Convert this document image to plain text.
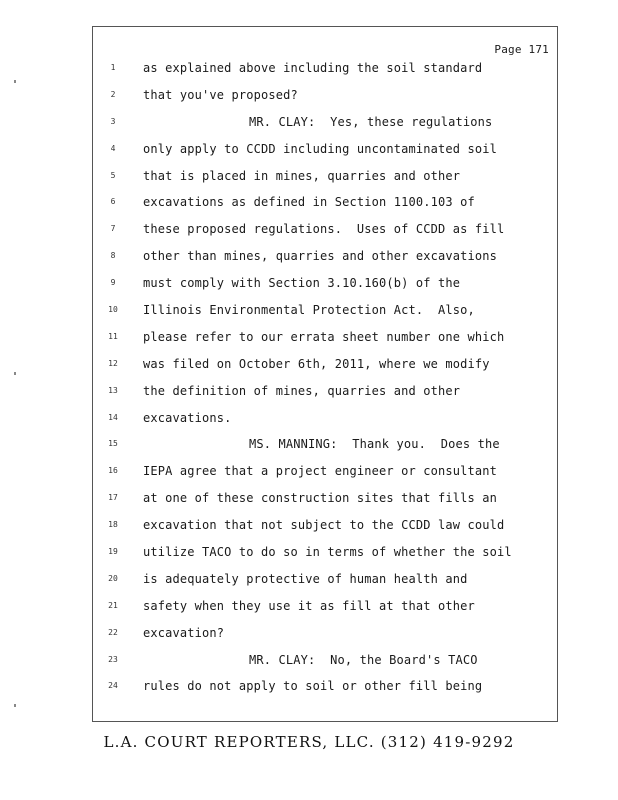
Page 171
1	as explained above including the soil standard
2	that you've proposed?
3	MR. CLAY:  Yes, these regulations
4	only apply to CCDD including uncontaminated soil
5	that is placed in mines, quarries and other
6	excavations as defined in Section 1100.103 of
7	these proposed regulations.  Uses of CCDD as fill
8	other than mines, quarries and other excavations
9	must comply with Section 3.10.160(b) of the
10	Illinois Environmental Protection Act.  Also,
11	please refer to our errata sheet number one which
12	was filed on October 6th, 2011, where we modify
13	the definition of mines, quarries and other
14	excavations.
15	MS. MANNING:  Thank you.  Does the
16	IEPA agree that a project engineer or consultant
17	at one of these construction sites that fills an
18	excavation that not subject to the CCDD law could
19	utilize TACO to do so in terms of whether the soil
20	is adequately protective of human health and
21	safety when they use it as fill at that other
22	excavation?
23	MR. CLAY:  No, the Board's TACO
24	rules do not apply to soil or other fill being
L.A. COURT REPORTERS, LLC. (312) 419-9292
